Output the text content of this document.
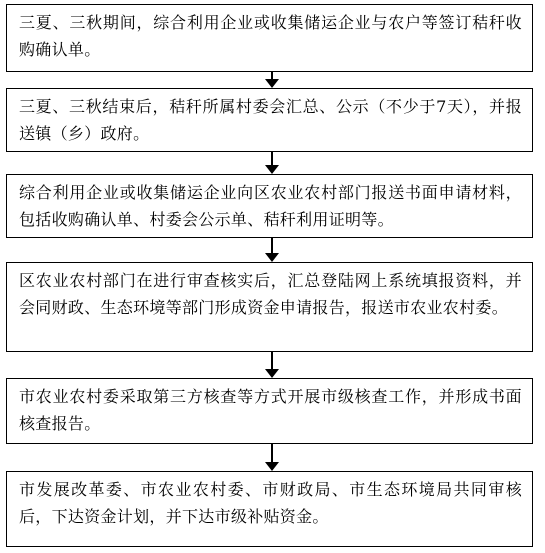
三夏、三秋期间，综合利用企业或收集储运企业与农户等签订秸秆收购确认单。

三夏、三秋结束后，秸秆所属村委会汇总、公示（不少于7天），并报送镇（乡）政府。

综合利用企业或收集储运企业向区农业农村部门报送书面申请材料，包括收购确认单、村委会公示单、秸秆利用证明等。

区农业农村部门在进行审查核实后，汇总登陆网上系统填报资料，并会同财政、生态环境等部门形成资金申请报告，报送市农业农村委。

市农业农村委采取第三方核查等方式开展市级核查工作，并形成书面核查报告。

市发展改革委、市农业农村委、市财政局、市生态环境局共同审核后，下达资金计划，并下达市级补贴资金。
